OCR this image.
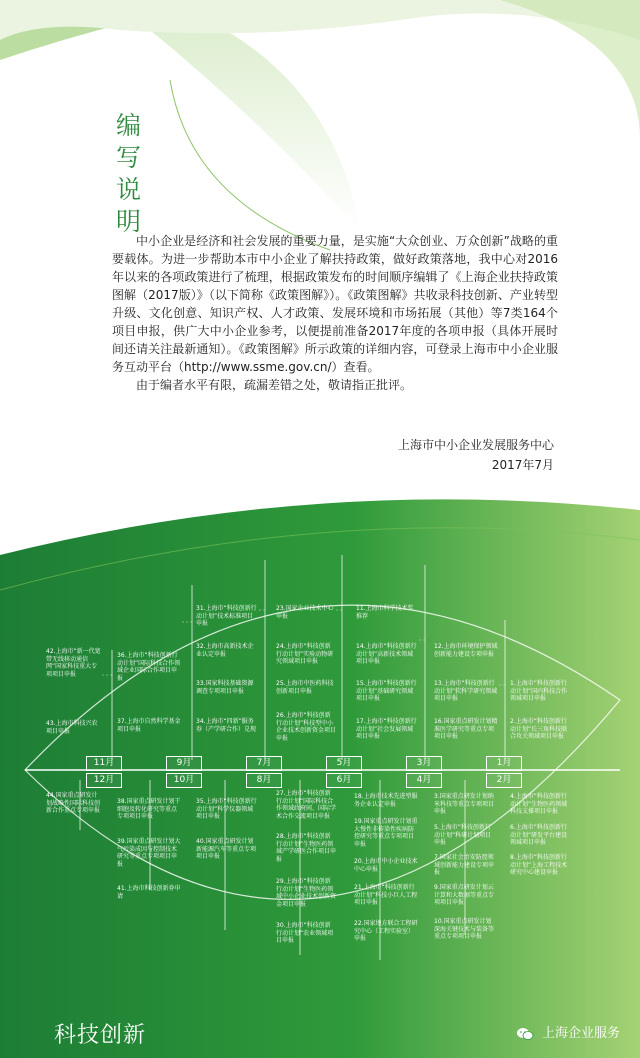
编 写
说 明

中小企业是经济和社会发展的重要力量，是实施“大众创业、万众创新”战略的重要载体。为进一步帮助本市中小企业了解扶持政策，做好政策落地，我中心对2016年以来的各项政策进行了梳理，根据政策发布的时间顺序编辑了《上海企业扶持政策图解（2017版）》（以下简称《政策图解》）。《政策图解》共收录科技创新、产业转型升级、文化创意、知识产权、人才政策、发展环境和市场拓展（其他）等7类164个项目申报，供广大中小企业参考，以便提前准备2017年度的各项申报（具体开展时间还请关注最新通知）。《政策图解》所示政策的详细内容，可登录上海市中小企业服务互动平台（http://www.ssme.gov.cn/）查看。

由于编者水平有限，疏漏差错之处，敬请指正批评。

上海市中小企业发展服务中心
2017年7月
11月	9月	7月	5月	3月	1月
12月	10月	8月	6月	4月	2月
42.上海市“新一代宽带无线移动通信网”国家科技重大专项项目申报
43.上海市科技兴农项目申报
36.上海市“科技创新行动计划”国际科技合作领域企业国际合作项目申报
37.上海市自然科学基金项目申报
31.上海市“科技创新行动计划”技术标准项目申报
32.上海市高新技术企业认定申报
33.国家科技基础资源调查专项项目申报
34.上海市“四新”服务券（产学研合作）兑现
23.国家企业技术中心申报
24.上海市“科技创新行动计划”实验动物研究领域项目申报
25.上海市中医药科技创新项目申报
26.上海市“科技创新行动计划”科技型中小企业技术创新资金项目申报
11.上海市科学技术奖推荐
14.上海市“科技创新行动计划”高新技术领域项目申报
15.上海市“科技创新行动计划”基础研究领域项目申报
17.上海市“科技创新行动计划”社会发展领域项目申报
12.上海市环境保护领域创新能力建设专项申报
13.上海市“科技创新行动计划”软科学研究领域项目申报
16.国家重点研发计划精准医学研究等重点专项项目申报
1.上海市“科技创新行动计划”国内科技合作领域项目申报
2.上海市“科技创新行动计划”长三角科技联合攻关领域项目申报
44.国家重点研发计划战略性国际科技创新合作重点专项申报
38.国家重点研发计划干细胞及转化研究等重点专项项目申报
39.国家重点研发计划大气污染成因与控制技术研究等重点专项项目申报
40.国家重点研发计划新能源汽车等重点专项项目申报
41.上海市科技创新券申请
35.上海市“科技创新行动计划”科学仪器领域项目申报
27.上海市“科技创新行动计划”国际科技合作领域政府间、国际学术合作交流项目申报
28.上海市“科技创新行动计划”生物医药领域产学研医合作项目申报
29.上海市“科技创新行动计划”生物医药领域中小企业技术创新资金项目申报
30.上海市“科技创新行动计划”农业领域项目申报
18.上海市技术先进型服务企业认定申报
19.国家重点研发计划重大慢性非传染性疾病防控研究等重点专项项目申报
20.上海市中小企业技术中心申报
21.上海市“科技创新行动计划”科技小巨人工程项目申报
22.国家地方联合工程研究中心（工程实验室）申报
3.国家重点研发计划纳米科技等重点专项项目申报
5.上海市“科技创新行动计划”科研计划项目申报
7.国家社会治安防控领域创新能力建设专项申报
9.国家重点研发计划云计算和大数据等重点专项项目申报
10.国家重点研发计划深海关键技术与装备等重点专项项目申报
4.上海市“科技创新行动计划”生物医药领域科技支撑项目申报
6.上海市“科技创新行动计划”研发平台建设领域项目申报
8.上海市“科技创新行动计划”上海工程技术研究中心建设申报
科技创新	上海企业服务
